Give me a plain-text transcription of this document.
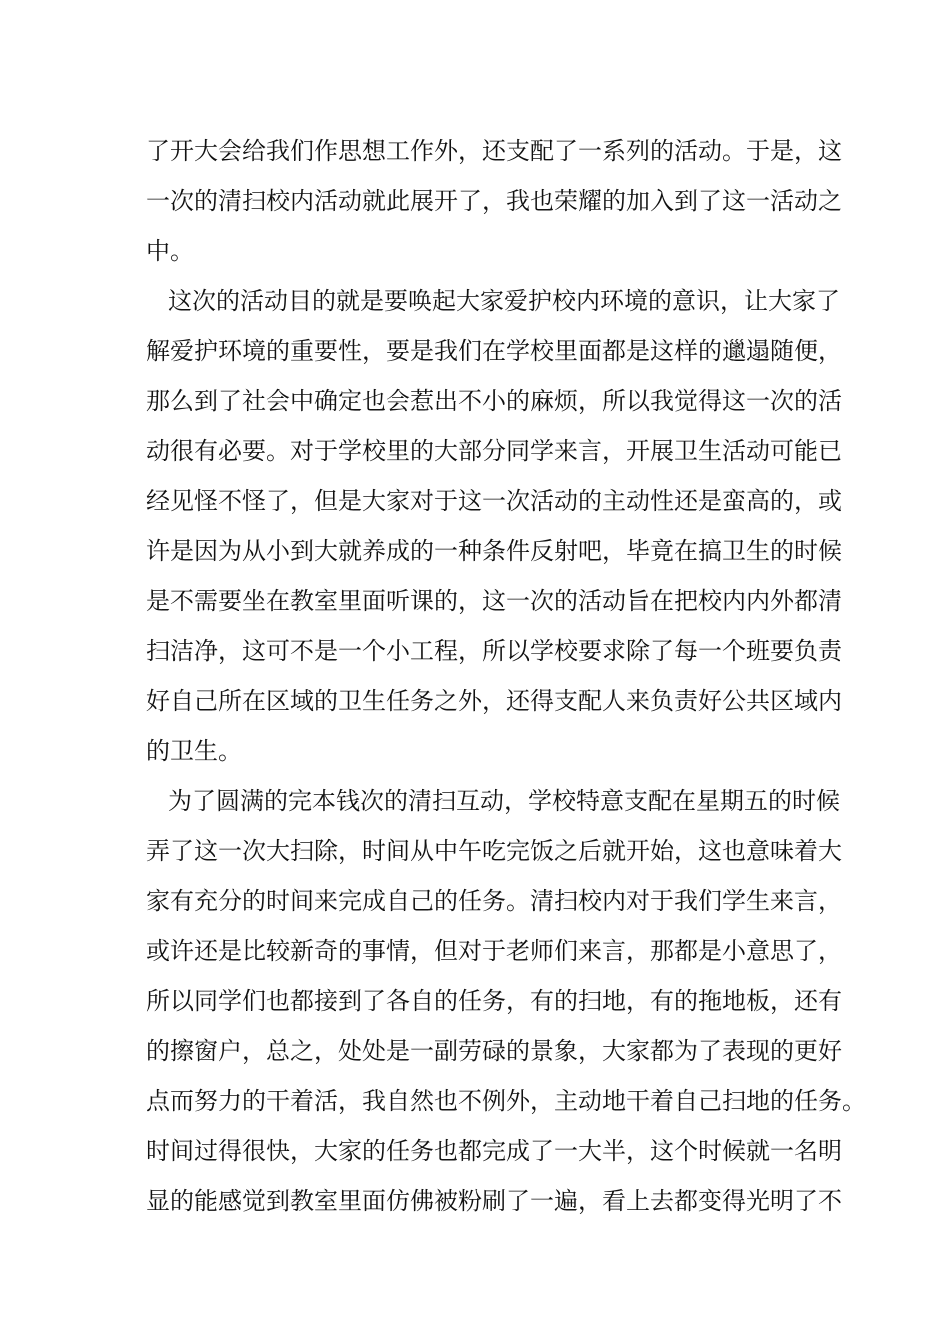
了开大会给我们作思想工作外，还支配了一系列的活动。于是，这
一次的清扫校内活动就此展开了，我也荣耀的加入到了这一活动之
中。
这次的活动目的就是要唤起大家爱护校内环境的意识，让大家了
解爱护环境的重要性，要是我们在学校里面都是这样的邋遢随便，
那么到了社会中确定也会惹出不小的麻烦，所以我觉得这一次的活
动很有必要。对于学校里的大部分同学来言，开展卫生活动可能已
经见怪不怪了，但是大家对于这一次活动的主动性还是蛮高的，或
许是因为从小到大就养成的一种条件反射吧，毕竟在搞卫生的时候
是不需要坐在教室里面听课的，这一次的活动旨在把校内内外都清
扫洁净，这可不是一个小工程，所以学校要求除了每一个班要负责
好自己所在区域的卫生任务之外，还得支配人来负责好公共区域内
的卫生。
为了圆满的完本钱次的清扫互动，学校特意支配在星期五的时候
弄了这一次大扫除，时间从中午吃完饭之后就开始，这也意味着大
家有充分的时间来完成自己的任务。清扫校内对于我们学生来言，
或许还是比较新奇的事情，但对于老师们来言，那都是小意思了，
所以同学们也都接到了各自的任务，有的扫地，有的拖地板，还有
的擦窗户，总之，处处是一副劳碌的景象，大家都为了表现的更好
点而努力的干着活，我自然也不例外，主动地干着自己扫地的任务。
时间过得很快，大家的任务也都完成了一大半，这个时候就一名明
显的能感觉到教室里面仿佛被粉刷了一遍，看上去都变得光明了不
